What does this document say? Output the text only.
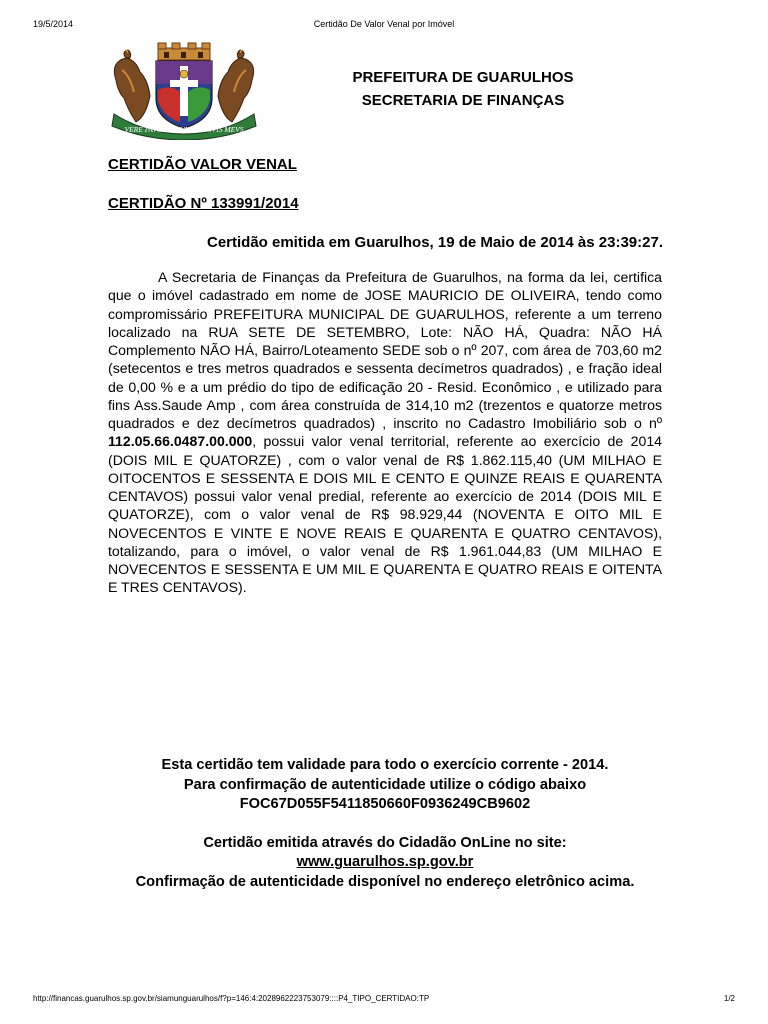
19/5/2014	Certidão De Valor Venal por Imóvel
VERE PAVLISTARVM SANGVIS MEVS
PREFEITURA DE GUARULHOS
SECRETARIA DE FINANÇAS
CERTIDÃO VALOR VENAL
CERTIDÃO Nº 133991/2014
Certidão emitida em Guarulhos, 19 de Maio de 2014 às 23:39:27.
A Secretaria de Finanças da Prefeitura de Guarulhos, na forma da lei, certifica que o imóvel cadastrado em nome de JOSE MAURICIO DE OLIVEIRA, tendo como compromissário PREFEITURA MUNICIPAL DE GUARULHOS, referente a um terreno localizado na RUA SETE DE SETEMBRO, Lote: NÃO HÁ, Quadra: NÃO HÁ Complemento NÃO HÁ, Bairro/Loteamento SEDE sob o nº 207, com área de 703,60 m2 (setecentos e tres metros quadrados e sessenta decímetros quadrados) , e fração ideal de 0,00 % e a um prédio do tipo de edificação 20 - Resid. Econômico , e utilizado para fins Ass.Saude Amp , com área construída de 314,10 m2 (trezentos e quatorze metros quadrados e dez decímetros quadrados) , inscrito no Cadastro Imobiliário sob o nº 112.05.66.0487.00.000, possui valor venal territorial, referente ao exercício de 2014 (DOIS MIL E QUATORZE) , com o valor venal de R$ 1.862.115,40 (UM MILHAO E OITOCENTOS E SESSENTA E DOIS MIL E CENTO E QUINZE REAIS E QUARENTA CENTAVOS) possui valor venal predial, referente ao exercício de 2014 (DOIS MIL E QUATORZE), com o valor venal de R$ 98.929,44 (NOVENTA E OITO MIL E NOVECENTOS E VINTE E NOVE REAIS E QUARENTA E QUATRO CENTAVOS), totalizando, para o imóvel, o valor venal de R$ 1.961.044,83 (UM MILHAO E NOVECENTOS E SESSENTA E UM MIL E QUARENTA E QUATRO REAIS E OITENTA E TRES CENTAVOS).
Esta certidão tem validade para todo o exercício corrente - 2014.
Para confirmação de autenticidade utilize o código abaixo
FOC67D055F5411850660F0936249CB9602
Certidão emitida através do Cidadão OnLine no site:
www.guarulhos.sp.gov.br
Confirmação de autenticidade disponível no endereço eletrônico acima.
http://financas.guarulhos.sp.gov.br/siamunguarulhos/f?p=146:4:2028962223753079::::P4_TIPO_CERTIDAO:TP	1/2
